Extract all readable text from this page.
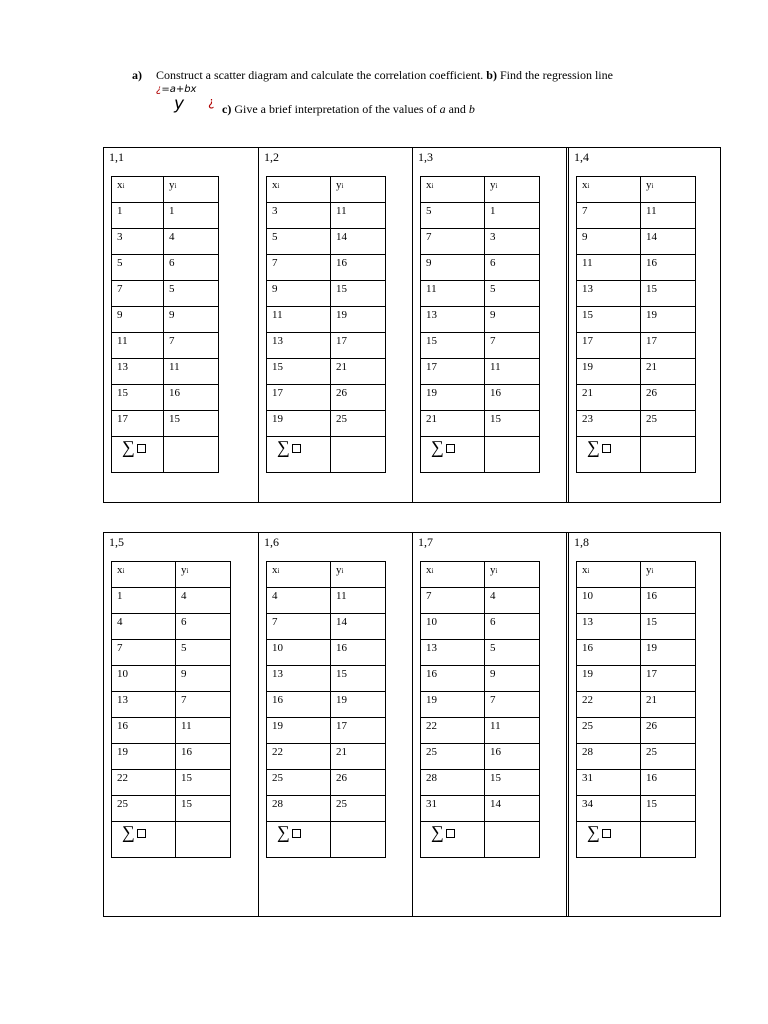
a) Construct a scatter diagram and calculate the correlation coefficient. b) Find the regression line
¿=a+bx
y ¿ c) Give a brief interpretation of the values of a and b
1,1
xi	yi
1	1
3	4
5	6
7	5
9	9
11	7
13	11
15	16
17	15
∑	
1,2
xi	yi
3	11
5	14
7	16
9	15
11	19
13	17
15	21
17	26
19	25
∑	
1,3
xi	yi
5	1
7	3
9	6
11	5
13	9
15	7
17	11
19	16
21	15
∑	
1,4
xi	yi
7	11
9	14
11	16
13	15
15	19
17	17
19	21
21	26
23	25
∑	
1,5
xi	yi
1	4
4	6
7	5
10	9
13	7
16	11
19	16
22	15
25	15
∑	
1,6
xi	yi
4	11
7	14
10	16
13	15
16	19
19	17
22	21
25	26
28	25
∑	
1,7
xi	yi
7	4
10	6
13	5
16	9
19	7
22	11
25	16
28	15
31	14
∑	
1,8
xi	yi
10	16
13	15
16	19
19	17
22	21
25	26
28	25
31	16
34	15
∑	
